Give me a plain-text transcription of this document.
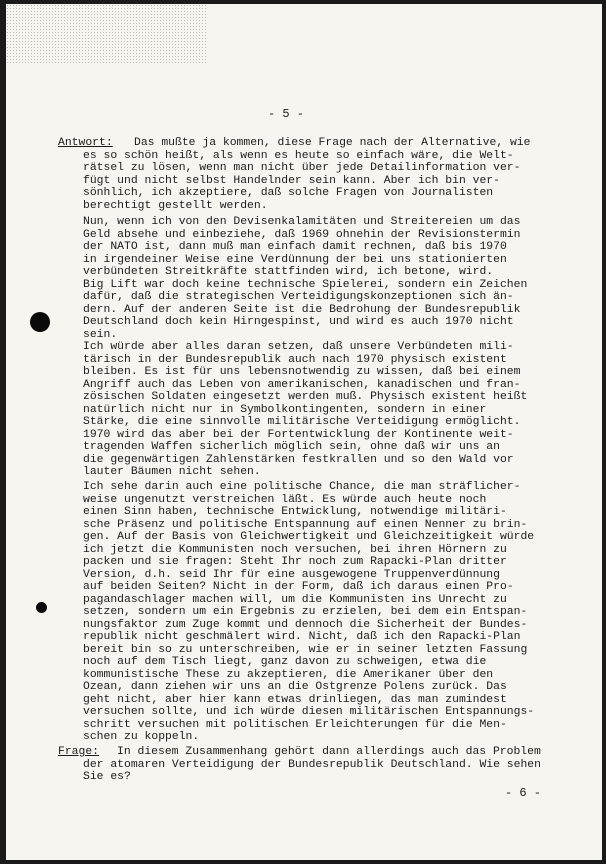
- 5 -
Antwort: Das mußte ja kommen, diese Frage nach der Alternative, wie
es so schön heißt, als wenn es heute so einfach wäre, die Welt-
rätsel zu lösen, wenn man nicht über jede Detailinformation ver-
fügt und nicht selbst Handelnder sein kann. Aber ich bin ver-
sönhlich, ich akzeptiere, daß solche Fragen von Journalisten
berechtigt gestellt werden.
Nun, wenn ich von den Devisenkalamitäten und Streitereien um das
Geld absehe und einbeziehe, daß 1969 ohnehin der Revisionstermin
der NATO ist, dann muß man einfach damit rechnen, daß bis 1970
in irgendeiner Weise eine Verdünnung der bei uns stationierten
verbündeten Streitkräfte stattfinden wird, ich betone, wird.
Big Lift war doch keine technische Spielerei, sondern ein Zeichen
dafür, daß die strategischen Verteidigungskonzeptionen sich än-
dern. Auf der anderen Seite ist die Bedrohung der Bundesrepublik
Deutschland doch kein Hirngespinst, und wird es auch 1970 nicht
sein.
Ich würde aber alles daran setzen, daß unsere Verbündeten mili-
tärisch in der Bundesrepublik auch nach 1970 physisch existent
bleiben. Es ist für uns lebensnotwendig zu wissen, daß bei einem
Angriff auch das Leben von amerikanischen, kanadischen und fran-
zösischen Soldaten eingesetzt werden muß. Physisch existent heißt
natürlich nicht nur in Symbolkontingenten, sondern in einer
Stärke, die eine sinnvolle militärische Verteidigung ermöglicht.
1970 wird das aber bei der Fortentwicklung der Kontinente weit-
tragenden Waffen sicherlich möglich sein, ohne daß wir uns an
die gegenwärtigen Zahlenstärken festkrallen und so den Wald vor
lauter Bäumen nicht sehen.
Ich sehe darin auch eine politische Chance, die man sträflicher-
weise ungenutzt verstreichen läßt. Es würde auch heute noch
einen Sinn haben, technische Entwicklung, notwendige militäri-
sche Präsenz und politische Entspannung auf einen Nenner zu brin-
gen. Auf der Basis von Gleichwertigkeit und Gleichzeitigkeit würde
ich jetzt die Kommunisten noch versuchen, bei ihren Hörnern zu
packen und sie fragen: Steht Ihr noch zum Rapacki-Plan dritter
Version, d.h. seid Ihr für eine ausgewogene Truppenverdünnung
auf beiden Seiten? Nicht in der Form, daß ich daraus einen Pro-
pagandaschlager machen will, um die Kommunisten ins Unrecht zu
setzen, sondern um ein Ergebnis zu erzielen, bei dem ein Entspan-
nungsfaktor zum Zuge kommt und dennoch die Sicherheit der Bundes-
republik nicht geschmälert wird. Nicht, daß ich den Rapacki-Plan
bereit bin so zu unterschreiben, wie er in seiner letzten Fassung
noch auf dem Tisch liegt, ganz davon zu schweigen, etwa die
kommunistische These zu akzeptieren, die Amerikaner über den
Ozean, dann ziehen wir uns an die Ostgrenze Polens zurück. Das
geht nicht, aber hier kann etwas drinliegen, das man zumindest
versuchen sollte, und ich würde diesen militärischen Entspannungs-
schritt versuchen mit politischen Erleichterungen für die Men-
schen zu koppeln.
Frage: In diesem Zusammenhang gehört dann allerdings auch das Problem
der atomaren Verteidigung der Bundesrepublik Deutschland. Wie sehen
Sie es?
- 6 -
